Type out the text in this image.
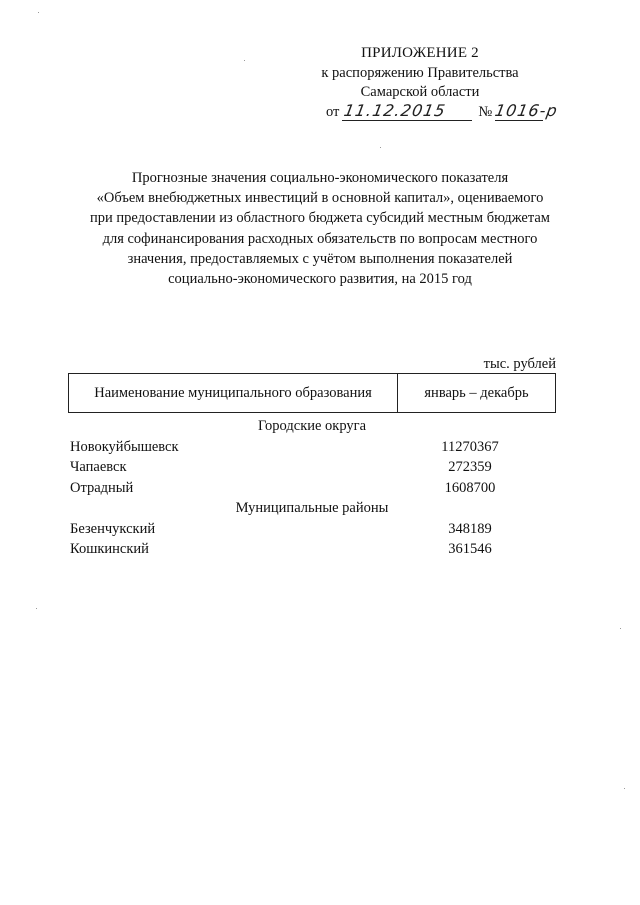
ПРИЛОЖЕНИЕ 2
к распоряжению Правительства
Самарской области
от 11.12.2015 №1016-р
Прогнозные значения социально-экономического показателя
«Объем внебюджетных инвестиций в основной капитал», оцениваемого
при предоставлении из областного бюджета субсидий местным бюджетам
для софинансирования расходных обязательств по вопросам местного
значения, предоставляемых с учётом выполнения показателей
социально-экономического развития, на 2015 год
тыс. рублей
Наименование муниципального образования	январь – декабрь
Городские округа
Новокуйбышевск	11270367
Чапаевск	272359
Отрадный	1608700
Муниципальные районы
Безенчукский	348189
Кошкинский	361546
